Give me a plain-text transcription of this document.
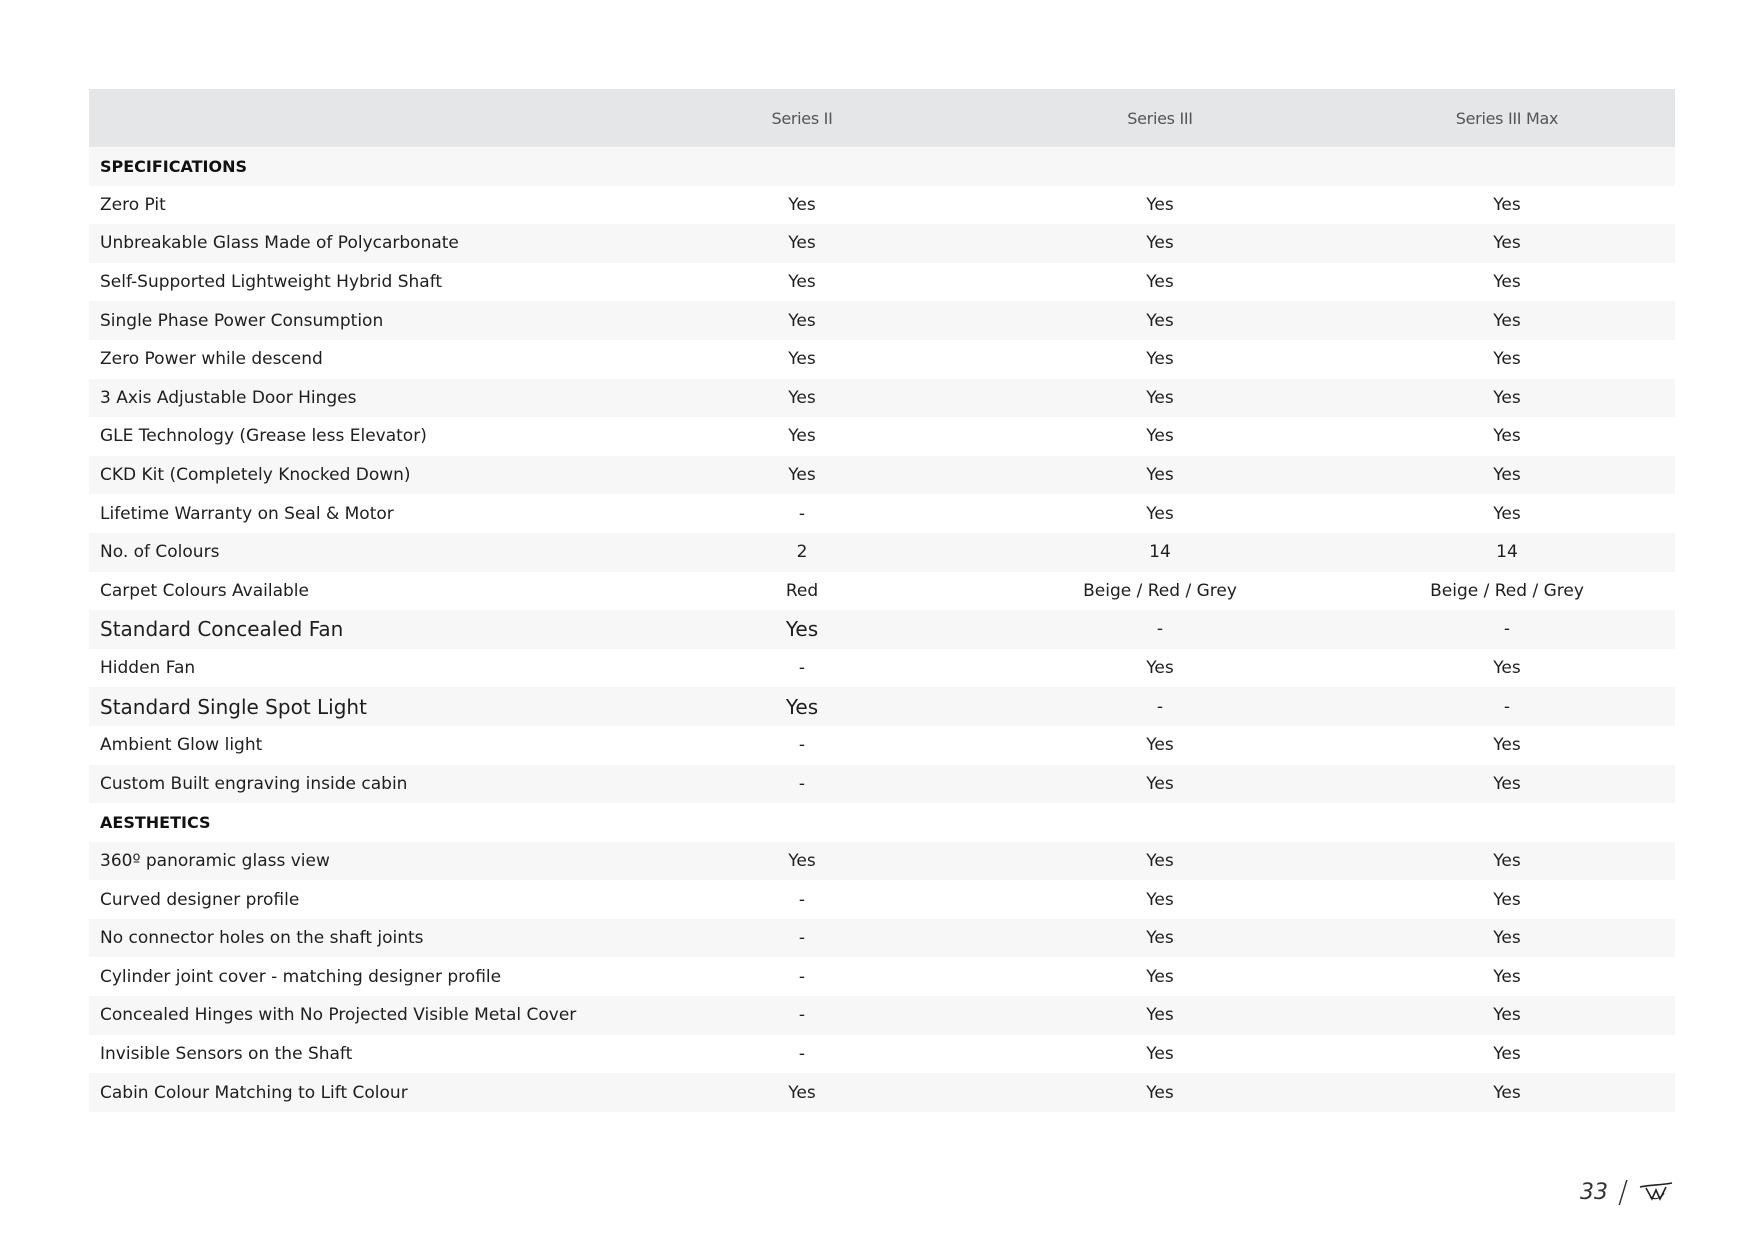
	Series II	Series III	Series III Max
SPECIFICATIONS			
Zero Pit	Yes	Yes	Yes
Unbreakable Glass Made of Polycarbonate	Yes	Yes	Yes
Self-Supported Lightweight Hybrid Shaft	Yes	Yes	Yes
Single Phase Power Consumption	Yes	Yes	Yes
Zero Power while descend	Yes	Yes	Yes
3 Axis Adjustable Door Hinges	Yes	Yes	Yes
GLE Technology (Grease less Elevator)	Yes	Yes	Yes
CKD Kit (Completely Knocked Down)	Yes	Yes	Yes
Lifetime Warranty on Seal & Motor	-	Yes	Yes
No. of Colours	2	14	14
Carpet Colours Available	Red	Beige / Red / Grey	Beige / Red / Grey
Standard Concealed Fan	Yes	-	-
Hidden Fan	-	Yes	Yes
Standard Single Spot Light	Yes	-	-
Ambient Glow light	-	Yes	Yes
Custom Built engraving inside cabin	-	Yes	Yes
AESTHETICS			
360º panoramic glass view	Yes	Yes	Yes
Curved designer profile	-	Yes	Yes
No connector holes on the shaft joints	-	Yes	Yes
Cylinder joint cover - matching designer profile	-	Yes	Yes
Concealed Hinges with No Projected Visible Metal Cover	-	Yes	Yes
Invisible Sensors on the Shaft	-	Yes	Yes
Cabin Colour Matching to Lift Colour	Yes	Yes	Yes
33 /
